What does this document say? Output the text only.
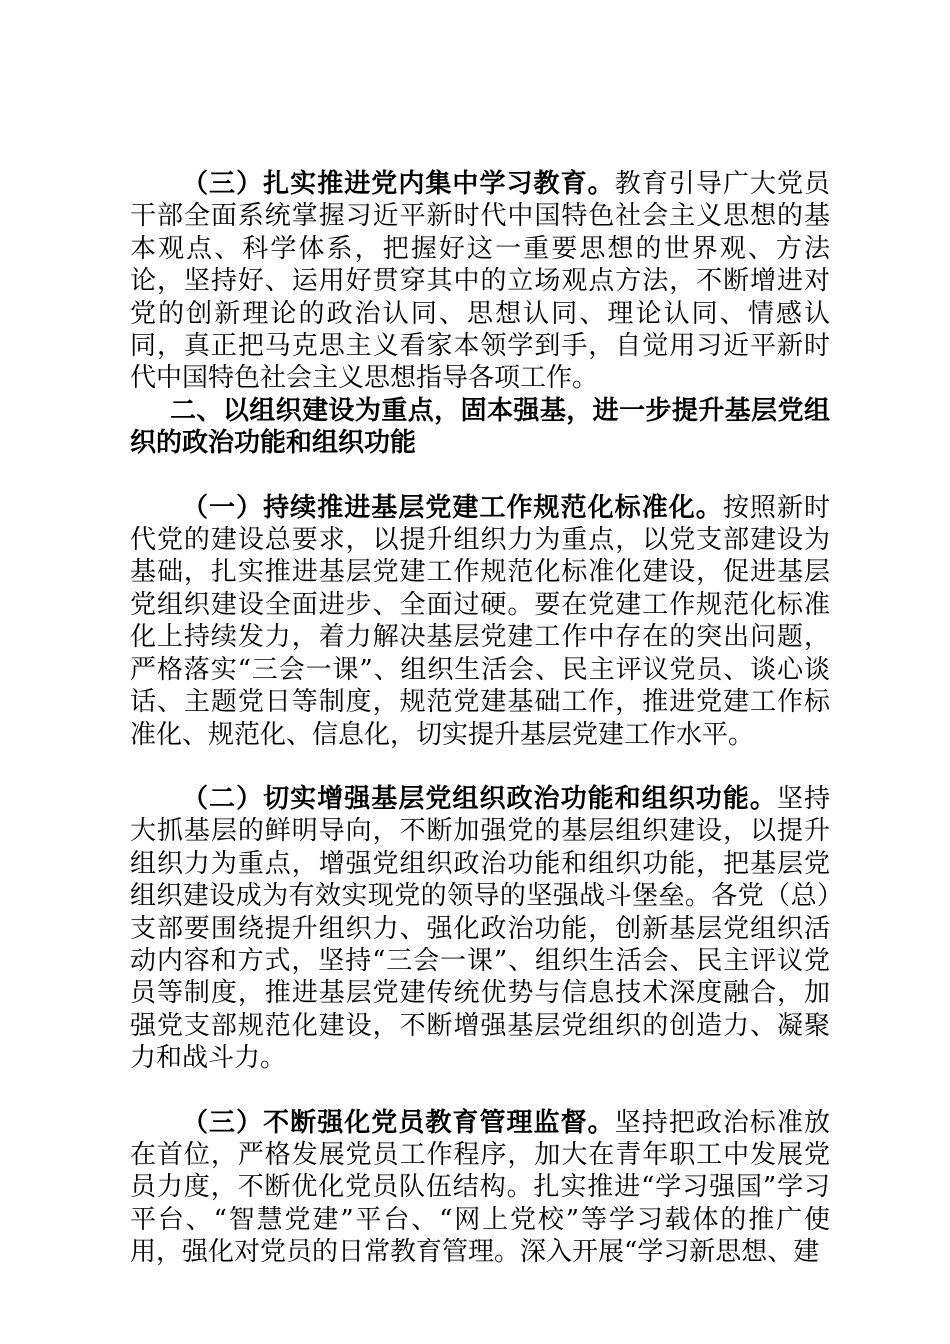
（三）扎实推进党内集中学习教育。教育引导广大党员干部全面系统掌握习近平新时代中国特色社会主义思想的基本观点、科学体系，把握好这一重要思想的世界观、方法论，坚持好、运用好贯穿其中的立场观点方法，不断增进对党的创新理论的政治认同、思想认同、理论认同、情感认同，真正把马克思主义看家本领学到手，自觉用习近平新时代中国特色社会主义思想指导各项工作。

二、以组织建设为重点，固本强基，进一步提升基层党组织的政治功能和组织功能

（一）持续推进基层党建工作规范化标准化。按照新时代党的建设总要求，以提升组织力为重点，以党支部建设为基础，扎实推进基层党建工作规范化标准化建设，促进基层党组织建设全面进步、全面过硬。要在党建工作规范化标准化上持续发力，着力解决基层党建工作中存在的突出问题，严格落实“三会一课”、组织生活会、民主评议党员、谈心谈话、主题党日等制度，规范党建基础工作，推进党建工作标准化、规范化、信息化，切实提升基层党建工作水平。

（二）切实增强基层党组织政治功能和组织功能。坚持大抓基层的鲜明导向，不断加强党的基层组织建设，以提升组织力为重点，增强党组织政治功能和组织功能，把基层党组织建设成为有效实现党的领导的坚强战斗堡垒。各党（总）支部要围绕提升组织力、强化政治功能，创新基层党组织活动内容和方式，坚持“三会一课”、组织生活会、民主评议党员等制度，推进基层党建传统优势与信息技术深度融合，加强党支部规范化建设，不断增强基层党组织的创造力、凝聚力和战斗力。

（三）不断强化党员教育管理监督。坚持把政治标准放在首位，严格发展党员工作程序，加大在青年职工中发展党员力度，不断优化党员队伍结构。扎实推进“学习强国”学习平台、“智慧党建”平台、“网上党校”等学习载体的推广使用，强化对党员的日常教育管理。深入开展“学习新思想、建
